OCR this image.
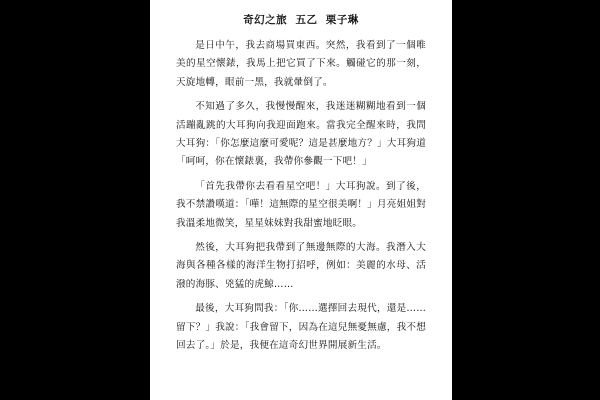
奇幻之旅  五乙  栗子琳

是日中午，我去商場買東西。突然，我看到了一個唯美的星空懷錶，我馬上把它買了下來。觸碰它的那一刻，天旋地轉，眼前一黑，我就暈倒了。

不知過了多久，我慢慢醒來，我迷迷糊糊地看到一個活蹦亂跳的大耳狗向我迎面跑來。當我完全醒來時，我問大耳狗：「你怎麼這麼可愛呢？這是甚麼地方？」大耳狗道「呵呵，你在懷錶裏，我帶你參觀一下吧！」

「首先我帶你去看看星空吧！」大耳狗說。到了後，我不禁讚嘆道：「嘩！這無際的星空很美啊！」月亮姐姐對我溫柔地微笑，星星妹妹對我甜蜜地眨眼。

然後，大耳狗把我帶到了無邊無際的大海。我潛入大海與各種各樣的海洋生物打招呼，例如：美麗的水母、活潑的海豚、兇猛的虎鯨……

最後，大耳狗問我：「你……選擇回去現代，還是……留下？」我說：「我會留下，因為在這兒無憂無慮，我不想回去了。」於是，我便在這奇幻世界開展新生活。
